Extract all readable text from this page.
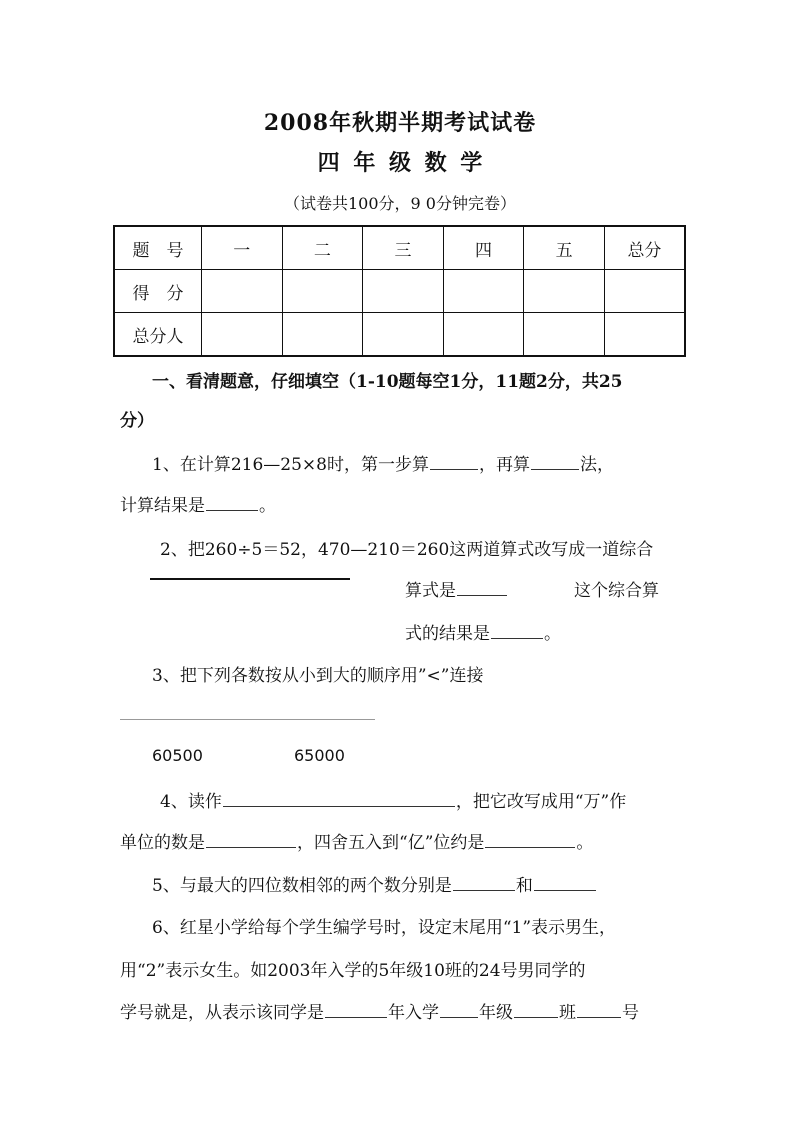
2008年秋期半期考试试卷
四 年 级 数 学
（试卷共100分，9 0分钟完卷）
题　号	一	二	三	四	五	总分
得　分						
总分人						
一、看清题意，仔细填空（1-10题每空1分，11题2分，共25
分）
1、在计算216—25×8时，第一步算	，再算	法，
计算结果是	。
2、把260÷5＝52，470—210＝260这两道算式改写成一道综合
算式是	这个综合算
式的结果是	。
3、把下列各数按从小到大的顺序用”<”连接
60500	65000
4、读作	，把它改写成用“万”作
单位的数是	，四舍五入到“亿”位约是	。
5、与最大的四位数相邻的两个数分别是	和
6、红星小学给每个学生编学号时，设定末尾用“1”表示男生，
用“2”表示女生。如2003年入学的5年级10班的24号男同学的
学号就是，从表示该同学是	年入学 年级	班	号
